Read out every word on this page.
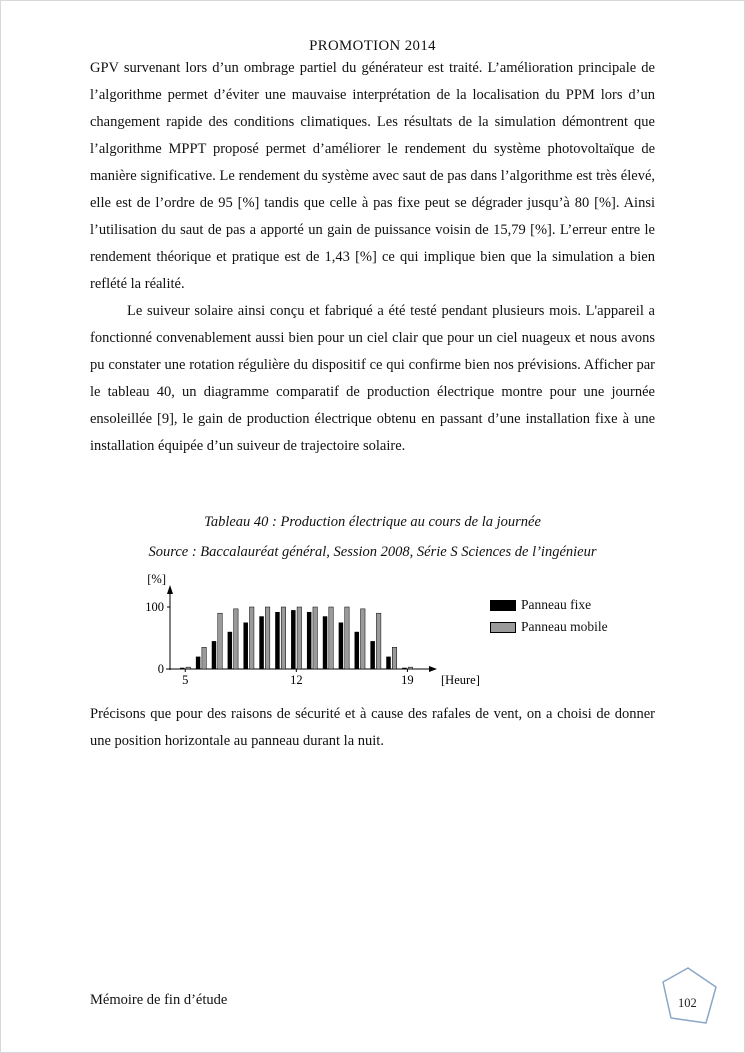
PROMOTION 2014

GPV survenant lors d’un ombrage partiel du générateur est traité. L’amélioration principale de l’algorithme permet d’éviter une mauvaise interprétation de la localisation du PPM lors d’un changement rapide des conditions climatiques. Les résultats de la simulation démontrent que l’algorithme MPPT proposé permet d’améliorer le rendement du système photovoltaïque de manière significative. Le rendement du système avec saut de pas dans l’algorithme est très élevé, elle est de l’ordre de 95 [%] tandis que celle à pas fixe peut se dégrader jusqu’à 80 [%]. Ainsi l’utilisation du saut de pas a apporté un gain de puissance voisin de 15,79 [%]. L’erreur entre le rendement théorique et pratique est de 1,43 [%] ce qui implique bien que la simulation a bien reflété la réalité.

Le suiveur solaire ainsi conçu et fabriqué a été testé pendant plusieurs mois. L'appareil a fonctionné convenablement aussi bien pour un ciel clair que pour un ciel nuageux et nous avons pu constater une rotation régulière du dispositif ce qui confirme bien nos prévisions. Afficher par le tableau 40, un diagramme comparatif de production électrique montre pour une journée ensoleillée [9], le gain de production électrique obtenu en passant d’une installation fixe à une installation équipée d’un suiveur de trajectoire solaire.

Tableau 40 : Production électrique au cours de la journée
Source : Baccalauréat général, Session 2008, Série S Sciences de l’ingénieur
0
100
[%]
[Heure]
5	12	19
Panneau fixe
Panneau mobile

Précisons que pour des raisons de sécurité et à cause des rafales de vent, on a choisi de donner une position horizontale au panneau durant la nuit.

Mémoire de fin d’étude	102
